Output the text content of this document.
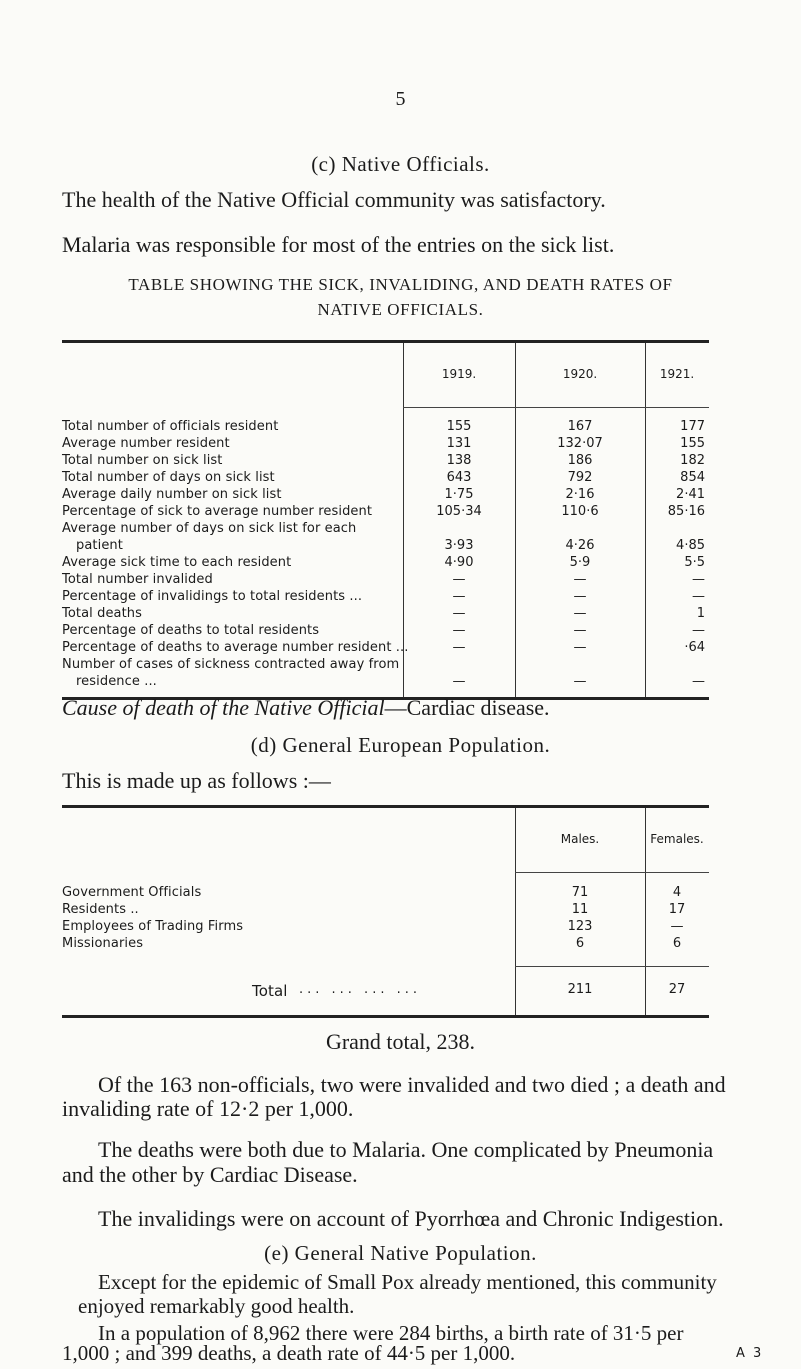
5
(c) Native Officials.
The health of the Native Official community was satisfactory.
Malaria was responsible for most of the entries on the sick list.
TABLE SHOWING THE SICK, INVALIDING, AND DEATH RATES OF
NATIVE OFFICIALS.
1919.	1920.	1921.
Total number of officials resident	155	167	177
Average number resident	131	132·07	155
Total number on sick list	138	186	182
Total number of days on sick list	643	792	854
Average daily number on sick list	1·75	2·16	2·41
Percentage of sick to average number resident	105·34	110·6	85·16
Average number of days on sick list for each
patient	3·93	4·26	4·85
Average sick time to each resident	4·90	5·9	5·5
Total number invalided	—	—	—
Percentage of invalidings to total residents ...	—	—	—
Total deaths	—	—	1
Percentage of deaths to total residents	—	—	—
Percentage of deaths to average number resident ...	—	—	·64
Number of cases of sickness contracted away from
residence ...	—	—	—
Cause of death of the Native Official—Cardiac disease.
(d) General European Population.
This is made up as follows :—
Males.	Females.
Government Officials	71	4
Residents ..	11	17
Employees of Trading Firms	123	—
Missionaries	6	6
Total ... ... ... ...	211	27
Grand total, 238.
Of the 163 non-officials, two were invalided and two died ; a death and
invaliding rate of 12·2 per 1,000.
The deaths were both due to Malaria. One complicated by Pneumonia
and the other by Cardiac Disease.
The invalidings were on account of Pyorrhœa and Chronic Indigestion.
(e) General Native Population.
Except for the epidemic of Small Pox already mentioned, this community
enjoyed remarkably good health.
In a population of 8,962 there were 284 births, a birth rate of 31·5 per
1,000 ; and 399 deaths, a death rate of 44·5 per 1,000.	A 3
